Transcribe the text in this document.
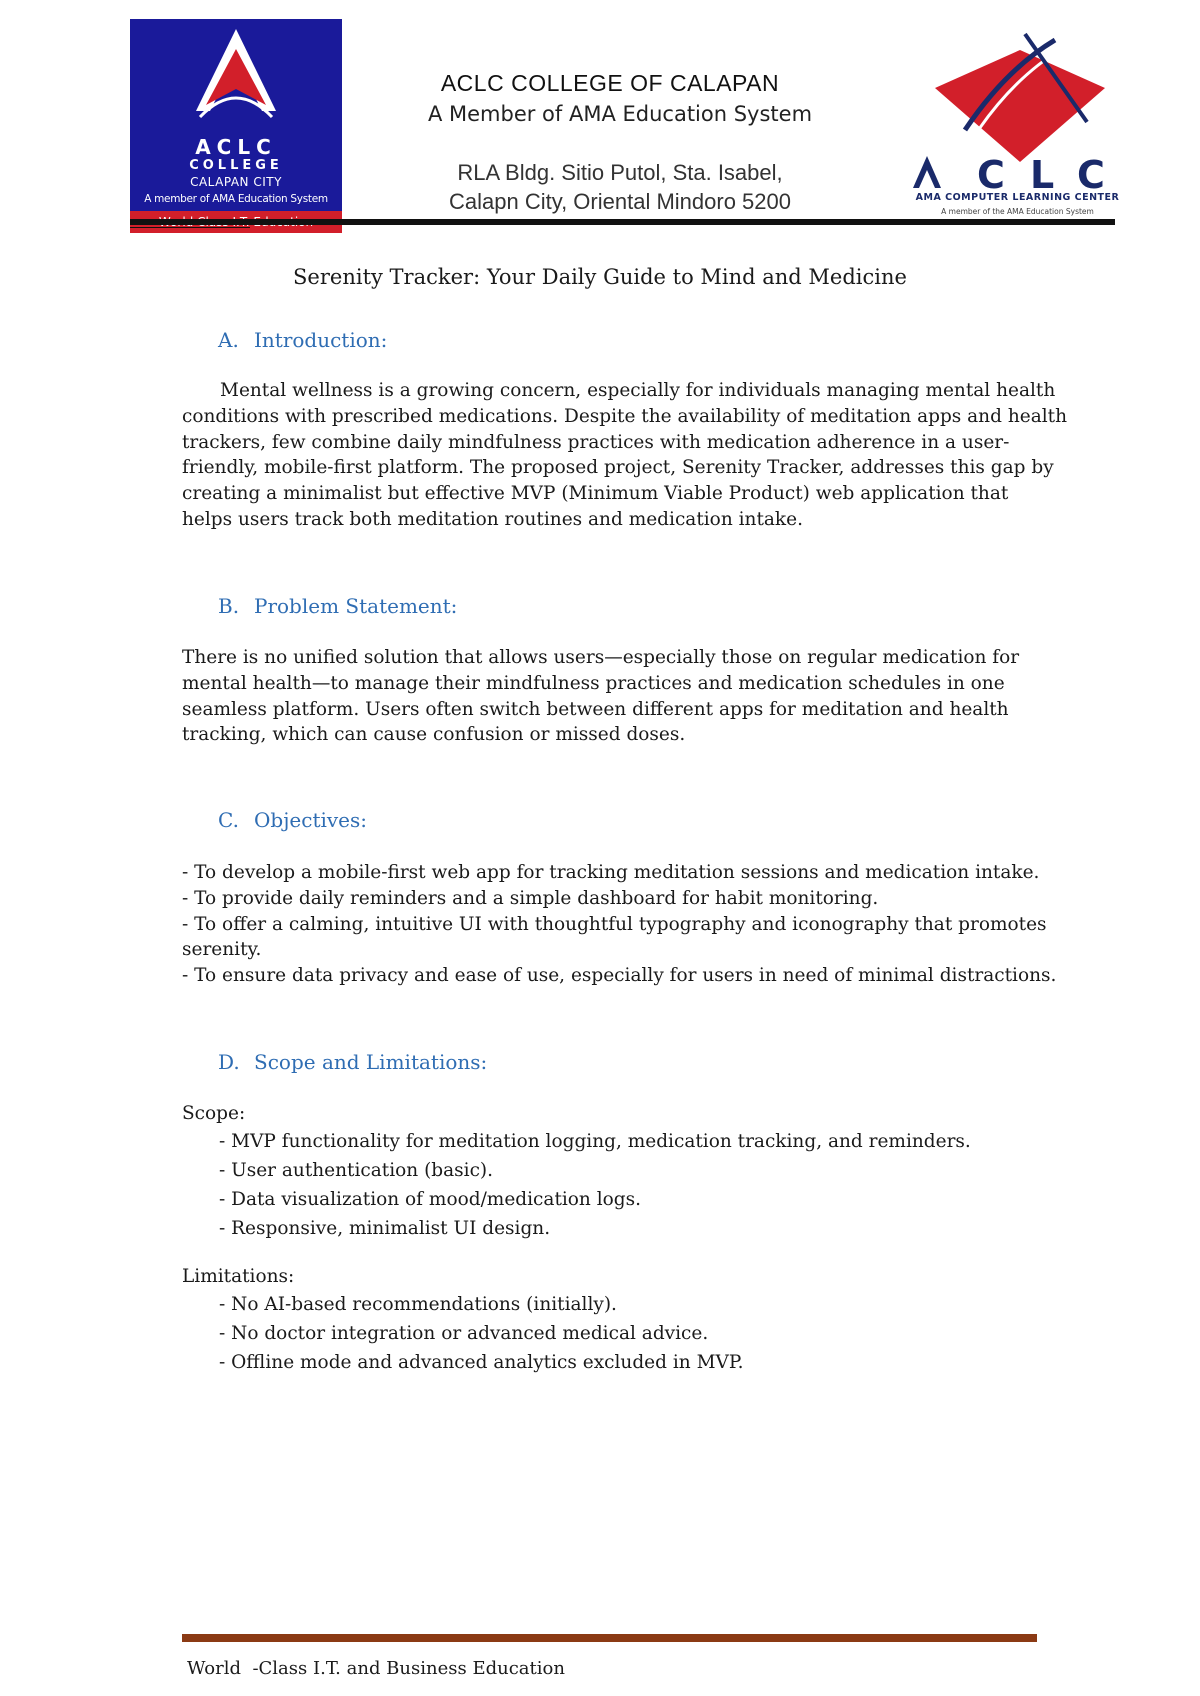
ACLC
COLLEGE
CALAPAN CITY
A member of AMA Education System
ACLC COLLEGE OF CALAPAN
A Member of AMA Education System
RLA Bldg. Sitio Putol, Sta. Isabel,
Calapn City, Oriental Mindoro 5200
C L C
AMA COMPUTER LEARNING CENTER
A member of the AMA Education System
Serenity Tracker: Your Daily Guide to Mind and Medicine
A. Introduction:
Mental wellness is a growing concern, especially for individuals managing mental health
conditions with prescribed medications. Despite the availability of meditation apps and health
trackers, few combine daily mindfulness practices with medication adherence in a user-
friendly, mobile-first platform. The proposed project, Serenity Tracker, addresses this gap by
creating a minimalist but effective MVP (Minimum Viable Product) web application that
helps users track both meditation routines and medication intake.
B. Problem Statement:
There is no unified solution that allows users—especially those on regular medication for
mental health—to manage their mindfulness practices and medication schedules in one
seamless platform. Users often switch between different apps for meditation and health
tracking, which can cause confusion or missed doses.
C. Objectives:
- To develop a mobile-first web app for tracking meditation sessions and medication intake.
- To provide daily reminders and a simple dashboard for habit monitoring.
- To offer a calming, intuitive UI with thoughtful typography and iconography that promotes
serenity.
- To ensure data privacy and ease of use, especially for users in need of minimal distractions.
D. Scope and Limitations:
Scope:
- MVP functionality for meditation logging, medication tracking, and reminders.
- User authentication (basic).
- Data visualization of mood/medication logs.
- Responsive, minimalist UI design.
Limitations:
- No AI-based recommendations (initially).
- No doctor integration or advanced medical advice.
- Offline mode and advanced analytics excluded in MVP.
World  -Class I.T. and Business Education
